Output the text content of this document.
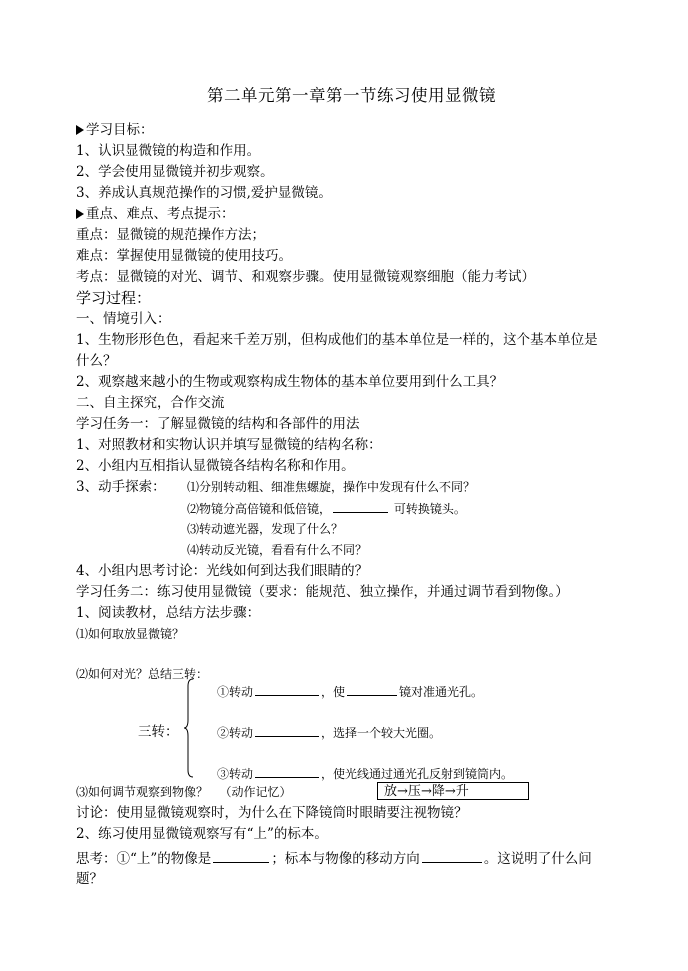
第二单元第一章第一节练习使用显微镜
学习目标：
1、认识显微镜的构造和作用。
2、学会使用显微镜并初步观察。
3、养成认真规范操作的习惯,爱护显微镜。
重点、难点、考点提示：
重点：显微镜的规范操作方法；
难点：掌握使用显微镜的使用技巧。
考点：显微镜的对光、调节、和观察步骤。使用显微镜观察细胞（能力考试）
学习过程：
一、情境引入：
1、生物形形色色，看起来千差万别，但构成他们的基本单位是一样的，这个基本单位是
什么？
2、观察越来越小的生物或观察构成生物体的基本单位要用到什么工具？
二、自主探究，合作交流
学习任务一：了解显微镜的结构和各部件的用法
1、对照教材和实物认识并填写显微镜的结构名称：
2、小组内互相指认显微镜各结构名称和作用。
3、动手探索： ⑴分别转动粗、细准焦螺旋，操作中发现有什么不同？
⑵物镜分高倍镜和低倍镜，	可转换镜头。
⑶转动遮光器，发现了什么？
⑷转动反光镜，看看有什么不同？
4、小组内思考讨论：光线如何到达我们眼睛的？
学习任务二：练习使用显微镜（要求：能规范、独立操作，并通过调节看到物像。）
1、阅读教材，总结方法步骤：
⑴如何取放显微镜？
⑵如何对光？总结三转：
三转：
①转动	，使	镜对准通光孔。
②转动	，选择一个较大光圈。
③转动	，使光线通过通光孔反射到镜筒内。
⑶如何调节观察到物像？ （动作记忆）	放→压→降→升
讨论：使用显微镜观察时，为什么在下降镜筒时眼睛要注视物镜？
2、练习使用显微镜观察写有“上”的标本。
思考：①“上”的物像是	；标本与物像的移动方向	。这说明了什么问
题？
